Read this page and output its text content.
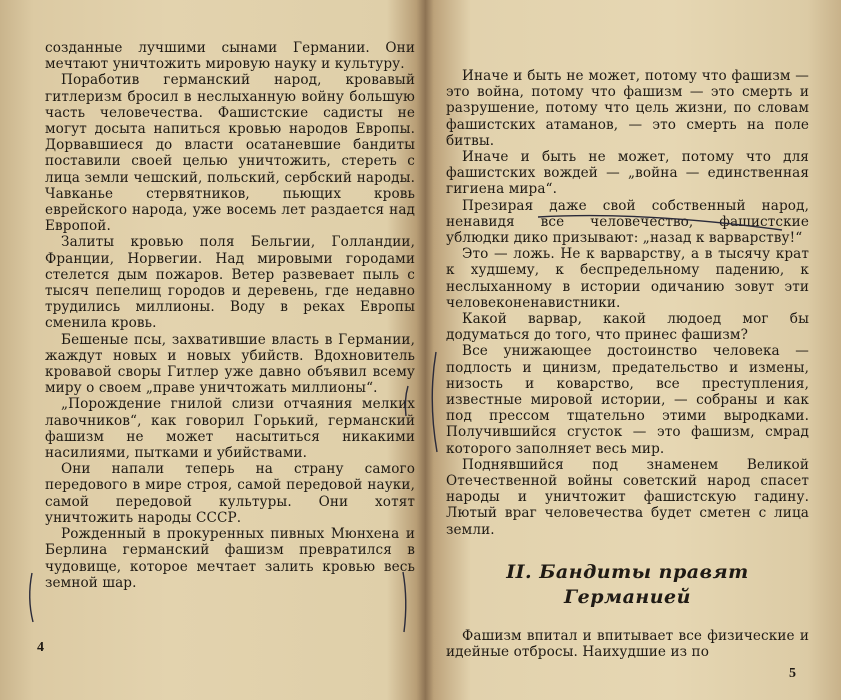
созданные лучшими сынами Германии. Они мечтают уничтожить мировую науку и культуру.

Поработив германский народ, кровавый гитлеризм бросил в неслыханную войну большую часть человечества. Фашистские садисты не могут досыта напиться кровью народов Европы. Дорвавшиеся до власти осатаневшие бандиты поставили своей целью уничтожить, стереть с лица земли чешский, польский, сербский народы. Чавканье стервятников, пьющих кровь еврейского народа, уже восемь лет раздается над Европой.

Залиты кровью поля Бельгии, Голландии, Франции, Норвегии. Над мировыми городами стелется дым пожаров. Ветер развевает пыль с тысяч пепелищ городов и деревень, где недавно трудились миллионы. Воду в реках Европы сменила кровь.

Бешеные псы, захватившие власть в Германии, жаждут новых и новых убийств. Вдохновитель кровавой своры Гитлер уже давно объявил всему миру о своем „праве уничтожать миллионы“.

„Порождение гнилой слизи отчаяния мелких лавочников“, как говорил Горький, германский фашизм не может насытиться никакими насилиями, пытками и убийствами.

Они напали теперь на страну самого передового в мире строя, самой передовой науки, самой передовой культуры. Они хотят уничтожить народы СССР.

Рожденный в прокуренных пивных Мюнхена и Берлина германский фашизм превратился в чудовище, которое мечтает залить кровью весь земной шар.

4

Иначе и быть не может, потому что фашизм — это война, потому что фашизм — это смерть и разрушение, потому что цель жизни, по словам фашистских атаманов, — это смерть на поле битвы.

Иначе и быть не может, потому что для фашистских вождей — „война — единственная гигиена мира“.

Презирая даже свой собственный народ, ненавидя все человечество, фашистские ублюдки дико призывают: „назад к варварству!“

Это — ложь. Не к варварству, а в тысячу крат к худшему, к беспредельному падению, к неслыханному в истории одичанию зовут эти человеконенавистники.

Какой варвар, какой людоед мог бы додуматься до того, что принес фашизм?

Все унижающее достоинство человека — подлость и цинизм, предательство и измены, низость и коварство, все преступления, известные мировой истории, — собраны и как под прессом тщательно этими выродками. Получившийся сгусток — это фашизм, смрад которого заполняет весь мир.

Поднявшийся под знаменем Великой Отечественной войны советский народ спасет народы и уничтожит фашистскую гадину. Лютый враг человечества будет сметен с лица земли.

II. Бандиты правят
Германией

Фашизм впитал и впитывает все физические и идейные отбросы. Наихудшие из по

5
